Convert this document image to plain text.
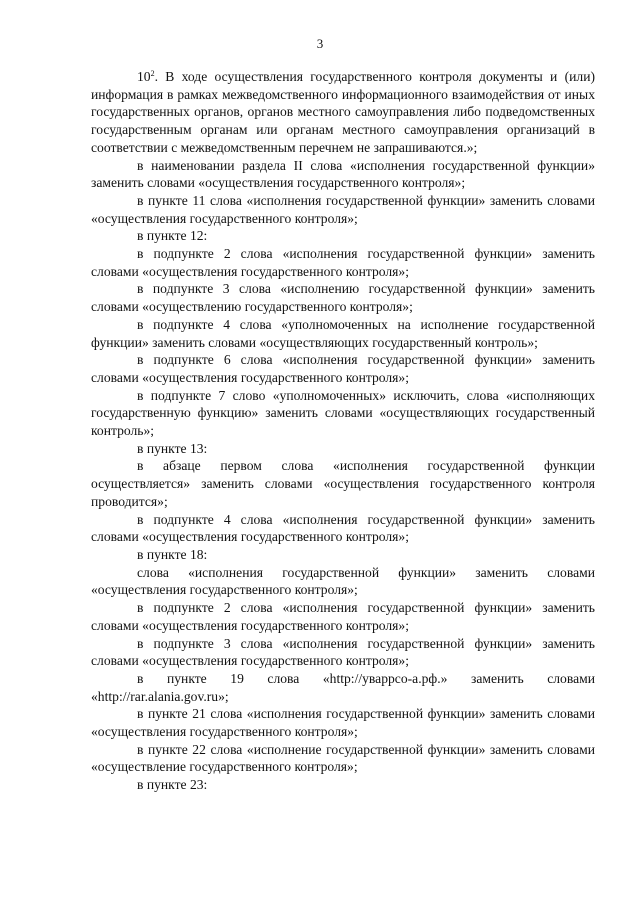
3

$10^2$. В ходе осуществления государственного контроля документы и (или) информация в рамках межведомственного информационного взаимодействия от иных государственных органов, органов местного самоуправления либо подведомственных государственным органам или органам местного самоуправления организаций в соответствии с межведомственным перечнем не запрашиваются.»;

в наименовании раздела II слова «исполнения государственной функции» заменить словами «осуществления государственного контроля»;

в пункте 11 слова «исполнения государственной функции» заменить словами «осуществления государственного контроля»;

в пункте 12:

в подпункте 2 слова «исполнения государственной функции» заменить словами «осуществления государственного контроля»;

в подпункте 3 слова «исполнению государственной функции» заменить словами «осуществлению государственного контроля»;

в подпункте 4 слова «уполномоченных на исполнение государственной функции» заменить словами «осуществляющих государственный контроль»;

в подпункте 6 слова «исполнения государственной функции» заменить словами «осуществления государственного контроля»;

в подпункте 7 слово «уполномоченных» исключить, слова «исполняющих государственную функцию» заменить словами «осуществляющих государственный контроль»;

в пункте 13:

в абзаце первом слова «исполнения государственной функции осуществляется» заменить словами «осуществления государственного контроля проводится»;

в подпункте 4 слова «исполнения государственной функции» заменить словами «осуществления государственного контроля»;

в пункте 18:

слова «исполнения государственной функции» заменить словами «осуществления государственного контроля»;

в подпункте 2 слова «исполнения государственной функции» заменить словами «осуществления государственного контроля»;

в подпункте 3 слова «исполнения государственной функции» заменить словами «осуществления государственного контроля»;

в пункте 19 слова «http://уваррсо-а.рф.» заменить словами «http://rar.alania.gov.ru»;

в пункте 21 слова «исполнения государственной функции» заменить словами «осуществления государственного контроля»;

в пункте 22 слова «исполнение государственной функции» заменить словами «осуществление государственного контроля»;

в пункте 23:
